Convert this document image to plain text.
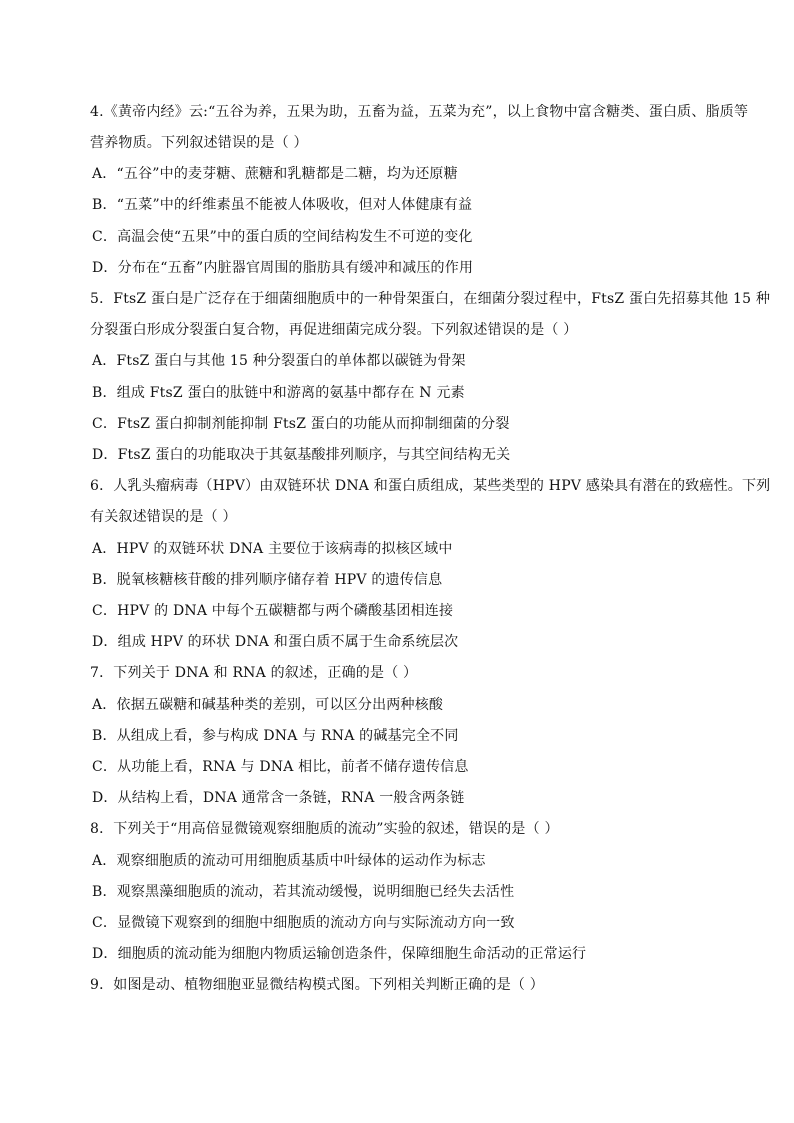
4.《黄帝内经》云:“五谷为养，五果为助，五畜为益，五菜为充”，以上食物中富含糖类、蛋白质、脂质等
营养物质。下列叙述错误的是（ ）
A．“五谷”中的麦芽糖、蔗糖和乳糖都是二糖，均为还原糖
B．“五菜”中的纤维素虽不能被人体吸收，但对人体健康有益
C．高温会使“五果”中的蛋白质的空间结构发生不可逆的变化
D．分布在“五畜”内脏器官周围的脂肪具有缓冲和减压的作用
5．FtsZ 蛋白是广泛存在于细菌细胞质中的一种骨架蛋白，在细菌分裂过程中，FtsZ 蛋白先招募其他 15 种
分裂蛋白形成分裂蛋白复合物，再促进细菌完成分裂。下列叙述错误的是（ ）
A．FtsZ 蛋白与其他 15 种分裂蛋白的单体都以碳链为骨架
B．组成 FtsZ 蛋白的肽链中和游离的氨基中都存在 N 元素
C．FtsZ 蛋白抑制剂能抑制 FtsZ 蛋白的功能从而抑制细菌的分裂
D．FtsZ 蛋白的功能取决于其氨基酸排列顺序，与其空间结构无关
6．人乳头瘤病毒（HPV）由双链环状 DNA 和蛋白质组成，某些类型的 HPV 感染具有潜在的致癌性。下列
有关叙述错误的是（ ）
A．HPV 的双链环状 DNA 主要位于该病毒的拟核区域中
B．脱氧核糖核苷酸的排列顺序储存着 HPV 的遗传信息
C．HPV 的 DNA 中每个五碳糖都与两个磷酸基团相连接
D．组成 HPV 的环状 DNA 和蛋白质不属于生命系统层次
7．下列关于 DNA 和 RNA 的叙述，正确的是（ ）
A．依据五碳糖和碱基种类的差别，可以区分出两种核酸
B．从组成上看，参与构成 DNA 与 RNA 的碱基完全不同
C．从功能上看，RNA 与 DNA 相比，前者不储存遗传信息
D．从结构上看，DNA 通常含一条链，RNA 一般含两条链
8．下列关于“用高倍显微镜观察细胞质的流动”实验的叙述，错误的是（ ）
A．观察细胞质的流动可用细胞质基质中叶绿体的运动作为标志
B．观察黑藻细胞质的流动，若其流动缓慢，说明细胞已经失去活性
C．显微镜下观察到的细胞中细胞质的流动方向与实际流动方向一致
D．细胞质的流动能为细胞内物质运输创造条件，保障细胞生命活动的正常运行
9．如图是动、植物细胞亚显微结构模式图。下列相关判断正确的是（ ）
